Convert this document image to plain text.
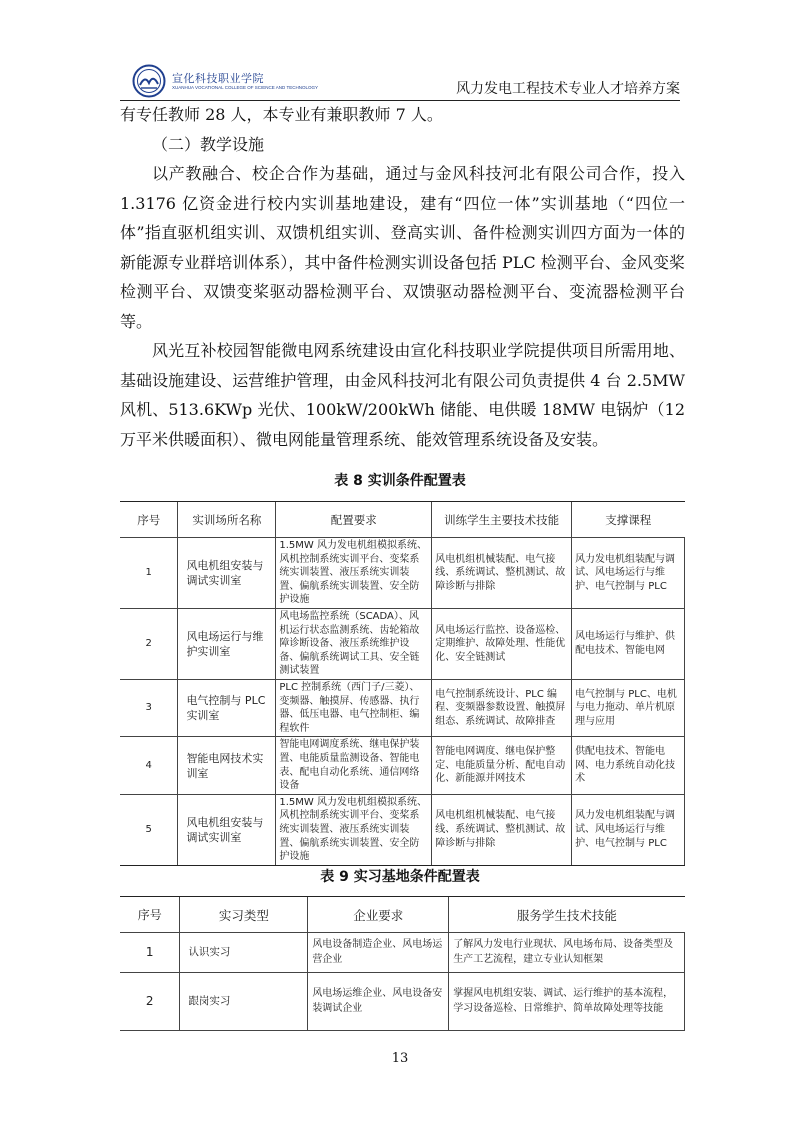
宣化科技职业学院
XUANHUA VOCATIONAL COLLEGE OF SCIENCE AND TECHNOLOGY	风力发电工程技术专业人才培养方案

有专任教师 28 人，本专业有兼职教师 7 人。

（二）教学设施

以产教融合、校企合作为基础，通过与金风科技河北有限公司合作，投入 1.3176 亿资金进行校内实训基地建设，建有“四位一体”实训基地（“四位一体”指直驱机组实训、双馈机组实训、登高实训、备件检测实训四方面为一体的新能源专业群培训体系），其中备件检测实训设备包括 PLC 检测平台、金风变桨检测平台、双馈变桨驱动器检测平台、双馈驱动器检测平台、变流器检测平台等。

风光互补校园智能微电网系统建设由宣化科技职业学院提供项目所需用地、基础设施建设、运营维护管理，由金风科技河北有限公司负责提供 4 台 2.5MW 风机、513.6KWp 光伏、100kW/200kWh 储能、电供暖 18MW 电锅炉（12 万平米供暖面积）、微电网能量管理系统、能效管理系统设备及安装。

表 8 实训条件配置表
序号	实训场所名称	配置要求	训练学生主要技术技能	支撑课程
1	风电机组安装与调试实训室	1.5MW 风力发电机组模拟系统、风机控制系统实训平台、变桨系统实训装置、液压系统实训装置、偏航系统实训装置、安全防护设施	风电机组机械装配、电气接线、系统调试、整机测试、故障诊断与排除	风力发电机组装配与调试、风电场运行与维护、电气控制与 PLC
2	风电场运行与维护实训室	风电场监控系统（SCADA）、风机运行状态监测系统、齿轮箱故障诊断设备、液压系统维护设备、偏航系统调试工具、安全链测试装置	风电场运行监控、设备巡检、定期维护、故障处理、性能优化、安全链测试	风电场运行与维护、供配电技术、智能电网
3	电气控制与 PLC 实训室	PLC 控制系统（西门子/三菱）、变频器、触摸屏、传感器、执行器、低压电器、电气控制柜、编程软件	电气控制系统设计、PLC 编程、变频器参数设置、触摸屏组态、系统调试、故障排查	电气控制与 PLC、电机与电力拖动、单片机原理与应用
4	智能电网技术实训室	智能电网调度系统、继电保护装置、电能质量监测设备、智能电表、配电自动化系统、通信网络设备	智能电网调度、继电保护整定、电能质量分析、配电自动化、新能源并网技术	供配电技术、智能电网、电力系统自动化技术
5	风电机组安装与调试实训室	1.5MW 风力发电机组模拟系统、风机控制系统实训平台、变桨系统实训装置、液压系统实训装置、偏航系统实训装置、安全防护设施	风电机组机械装配、电气接线、系统调试、整机测试、故障诊断与排除	风力发电机组装配与调试、风电场运行与维护、电气控制与 PLC
表 9 实习基地条件配置表
序号	实习类型	企业要求	服务学生技术技能
1	认识实习	风电设备制造企业、风电场运营企业	了解风力发电行业现状、风电场布局、设备类型及生产工艺流程，建立专业认知框架
2	跟岗实习	风电场运维企业、风电设备安装调试企业	掌握风电机组安装、调试、运行维护的基本流程，学习设备巡检、日常维护、简单故障处理等技能
13
